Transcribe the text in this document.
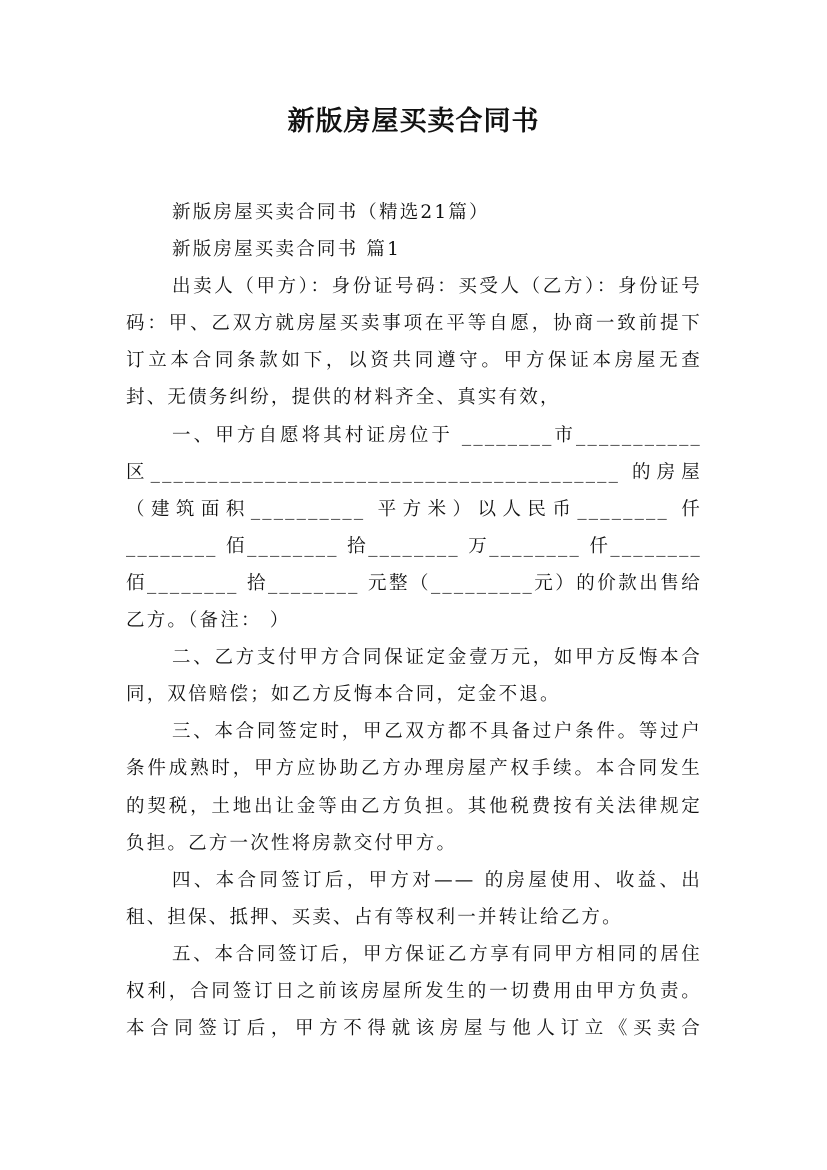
新版房屋买卖合同书

新版房屋买卖合同书（精选21篇）

新版房屋买卖合同书 篇1

出卖人（甲方）：身份证号码：买受人（乙方）：身份证号码：甲、乙双方就房屋买卖事项在平等自愿，协商一致前提下订立本合同条款如下，以资共同遵守。甲方保证本房屋无查封、无债务纠纷，提供的材料齐全、真实有效，

一、甲方自愿将其村证房位于 ________市___________区_________________________________________ 的房屋（建筑面积__________ 平方米）以人民币________ 仟________ 佰________ 拾________ 万________ 仟________ 佰________ 拾________ 元整（_________元）的价款出售给乙方。（备注： ）

二、乙方支付甲方合同保证定金壹万元，如甲方反悔本合同，双倍赔偿；如乙方反悔本合同，定金不退。

三、本合同签定时，甲乙双方都不具备过户条件。等过户条件成熟时，甲方应协助乙方办理房屋产权手续。本合同发生的契税，土地出让金等由乙方负担。其他税费按有关法律规定负担。乙方一次性将房款交付甲方。

四、本合同签订后，甲方对—— 的房屋使用、收益、出租、担保、抵押、买卖、占有等权利一并转让给乙方。

五、本合同签订后，甲方保证乙方享有同甲方相同的居住权利，合同签订日之前该房屋所发生的一切费用由甲方负责。本合同签订后，甲方不得就该房屋与他人订立《买卖合
